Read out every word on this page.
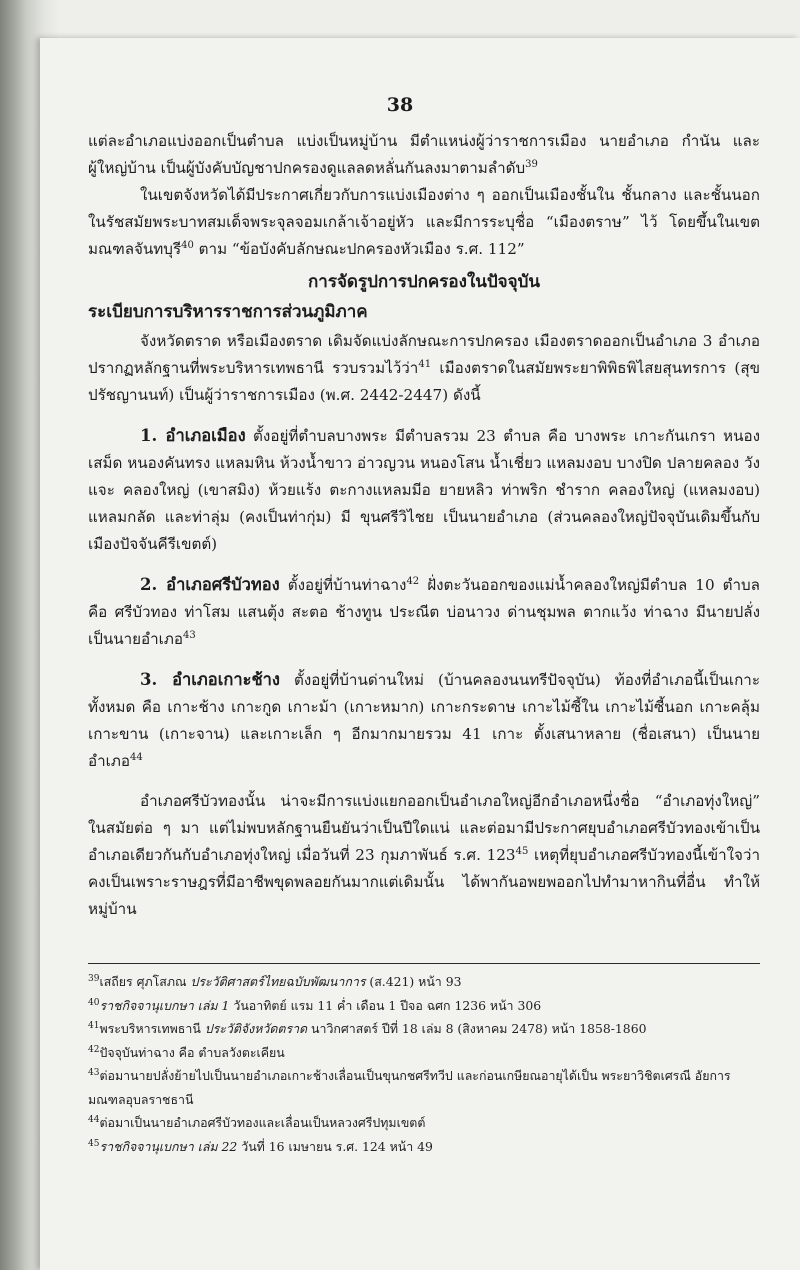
38

แต่ละอำเภอแบ่งออกเป็นตำบล แบ่งเป็นหมู่บ้าน มีตำแหน่งผู้ว่าราชการเมือง นายอำเภอ กำนัน และผู้ใหญ่บ้าน เป็นผู้บังคับบัญชาปกครองดูแลลดหลั่นกันลงมาตามลำดับ$^{39}$

ในเขตจังหวัดได้มีประกาศเกี่ยวกับการแบ่งเมืองต่าง ๆ ออกเป็นเมืองชั้นใน ชั้นกลาง และชั้นนอก ในรัชสมัยพระบาทสมเด็จพระจุลจอมเกล้าเจ้าอยู่หัว และมีการระบุชื่อ “เมืองตราษ” ไว้ โดยขึ้นในเขตมณฑลจันทบุรี$^{40}$ ตาม “ข้อบังคับลักษณะปกครองหัวเมือง ร.ศ. 112”

การจัดรูปการปกครองในปัจจุบัน

ระเบียบการบริหารราชการส่วนภูมิภาค

จังหวัดตราด หรือเมืองตราด เดิมจัดแบ่งลักษณะการปกครอง เมืองตราดออกเป็นอำเภอ 3 อำเภอ ปรากฏหลักฐานที่พระบริหารเทพธานี รวบรวมไว้ว่า$^{41}$ เมืองตราดในสมัยพระยาพิพิธพิไสยสุนทรการ (สุข ปรัชญานนท์) เป็นผู้ว่าราชการเมือง (พ.ศ. 2442-2447) ดังนี้

1. อำเภอเมือง ตั้งอยู่ที่ตำบลบางพระ มีตำบลรวม 23 ตำบล คือ บางพระ เกาะกันเกรา หนองเสม็ด หนองคันทรง แหลมหิน ห้วงน้ำขาว อ่าวญวน หนองโสน น้ำเชี่ยว แหลมงอบ บางปิด ปลายคลอง วังแจะ คลองใหญ่ (เขาสมิง) ห้วยแร้ง ตะกางแหลมมีอ ยายหลิว ท่าพริก ชำราก คลองใหญ่ (แหลมงอบ) แหลมกลัด และท่าลุ่ม (คงเป็นท่ากุ่ม) มี ขุนศรีวิไชย เป็นนายอำเภอ (ส่วนคลองใหญ่ปัจจุบันเดิมขึ้นกับเมืองปัจจันคีรีเขตต์)

2. อำเภอศรีบัวทอง ตั้งอยู่ที่บ้านท่าฉาง$^{42}$ ฝั่งตะวันออกของแม่น้ำคลองใหญ่มีตำบล 10 ตำบล คือ ศรีบัวทอง ท่าโสม แสนตุ้ง สะตอ ช้างทูน ประณีต บ่อนาวง ด่านชุมพล ตากแว้ง ท่าฉาง มีนายปลั่ง เป็นนายอำเภอ$^{43}$

3. อำเภอเกาะช้าง ตั้งอยู่ที่บ้านด่านใหม่ (บ้านคลองนนทรีปัจจุบัน) ท้องที่อำเภอนี้เป็นเกาะทั้งหมด คือ เกาะช้าง เกาะกูด เกาะม้า (เกาะหมาก) เกาะกระดาษ เกาะไม้ซี้ใน เกาะไม้ซี้นอก เกาะคลุ้ม เกาะขาน (เกาะจาน) และเกาะเล็ก ๆ อีกมากมายรวม 41 เกาะ ตั้งเสนาหลาย (ชื่อเสนา) เป็นนายอำเภอ$^{44}$

อำเภอศรีบัวทองนั้น น่าจะมีการแบ่งแยกออกเป็นอำเภอใหญ่อีกอำเภอหนึ่งชื่อ “อำเภอทุ่งใหญ่” ในสมัยต่อ ๆ มา แต่ไม่พบหลักฐานยืนยันว่าเป็นปีใดแน่ และต่อมามีประกาศยุบอำเภอศรีบัวทองเข้าเป็นอำเภอเดียวกันกับอำเภอทุ่งใหญ่ เมื่อวันที่ 23 กุมภาพันธ์ ร.ศ. $123^{45}$ เหตุที่ยุบอำเภอศรีบัวทองนี้เข้าใจว่าคงเป็นเพราะราษฎรที่มีอาชีพขุดพลอยกันมากแต่เดิมนั้น ได้พากันอพยพออกไปทำมาหากินที่อื่น ทำให้หมู่บ้าน

$^{39}$เสถียร ศุภโสภณ ประวัติศาสตร์ไทยฉบับพัฒนาการ (ส.421) หน้า 93

$^{40}$ราชกิจจานุเบกษา เล่ม 1 วันอาทิตย์ แรม 11 ค่ำ เดือน 1 ปีจอ ฉศก 1236 หน้า 306

$^{41}$พระบริหารเทพธานี ประวัติจังหวัดตราด นาวิกศาสตร์ ปีที่ 18 เล่ม 8 (สิงหาคม 2478) หน้า 1858-1860

$^{42}$ปัจจุบันท่าฉาง คือ ตำบลวังตะเคียน

$^{43}$ต่อมานายปลั่งย้ายไปเป็นนายอำเภอเกาะช้างเลื่อนเป็นขุนกชศรีทวีป และก่อนเกษียณอายุได้เป็น พระยาวิชิตเศรณี อัยการมณฑลอุบลราชธานี

$^{44}$ต่อมาเป็นนายอำเภอศรีบัวทองและเลื่อนเป็นหลวงศรีปทุมเขตต์

$^{45}$ราชกิจจานุเบกษา เล่ม 22 วันที่ 16 เมษายน ร.ศ. 124 หน้า 49
